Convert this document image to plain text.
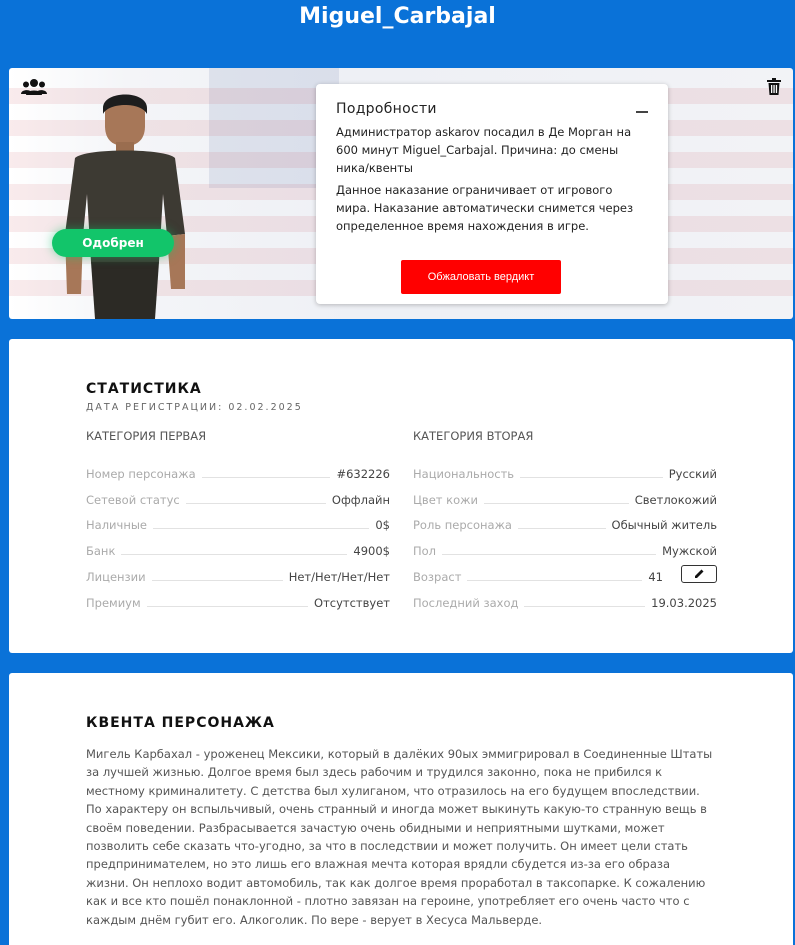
Miguel_Carbajal
Одобрен
Подробности

Администратор askarov посадил в Де Морган на 600 минут Miguel_Carbajal. Причина: до смены ника/квенты

Данное наказание ограничивает от игрового мира. Наказание автоматически снимется через определенное время нахождения в игре.

Обжаловать вердикт
СТАТИСТИКА
ДАТА РЕГИСТРАЦИИ: 02.02.2025
КАТЕГОРИЯ ПЕРВАЯ
Номер персонажа	#632226
Сетевой статус	Оффлайн
Наличные	0$
Банк	4900$
Лицензии	Нет/Нет/Нет/Нет
Премиум	Отсутствует
КАТЕГОРИЯ ВТОРАЯ
Национальность	Русский
Цвет кожи	Светлокожий
Роль персонажа	Обычный житель
Пол	Мужской
Возраст	41
Последний заход	19.03.2025
КВЕНТА ПЕРСОНАЖА

Мигель Карбахал - уроженец Мексики, который в далёких 90ых эммигрировал в Соединенные Штаты за лучшей жизнью. Долгое время был здесь рабочим и трудился законно, пока не прибился к местному криминалитету. С детства был хулиганом, что отразилось на его будущем впоследствии. По характеру он вспыльчивый, очень странный и иногда может выкинуть какую-то странную вещь в своём поведении. Разбрасывается зачастую очень обидными и неприятными шутками, может позволить себе сказать что-угодно, за что в последствии и может получить. Он имеет цели стать предпринимателем, но это лишь его влажная мечта которая врядли сбудется из-за его образа жизни. Он неплохо водит автомобиль, так как долгое время проработал в таксопарке. К сожалению как и все кто пошёл понаклонной - плотно завязан на героине, употребляет его очень часто что с каждым днём губит его. Алкоголик. По вере - верует в Хесуса Мальверде.
